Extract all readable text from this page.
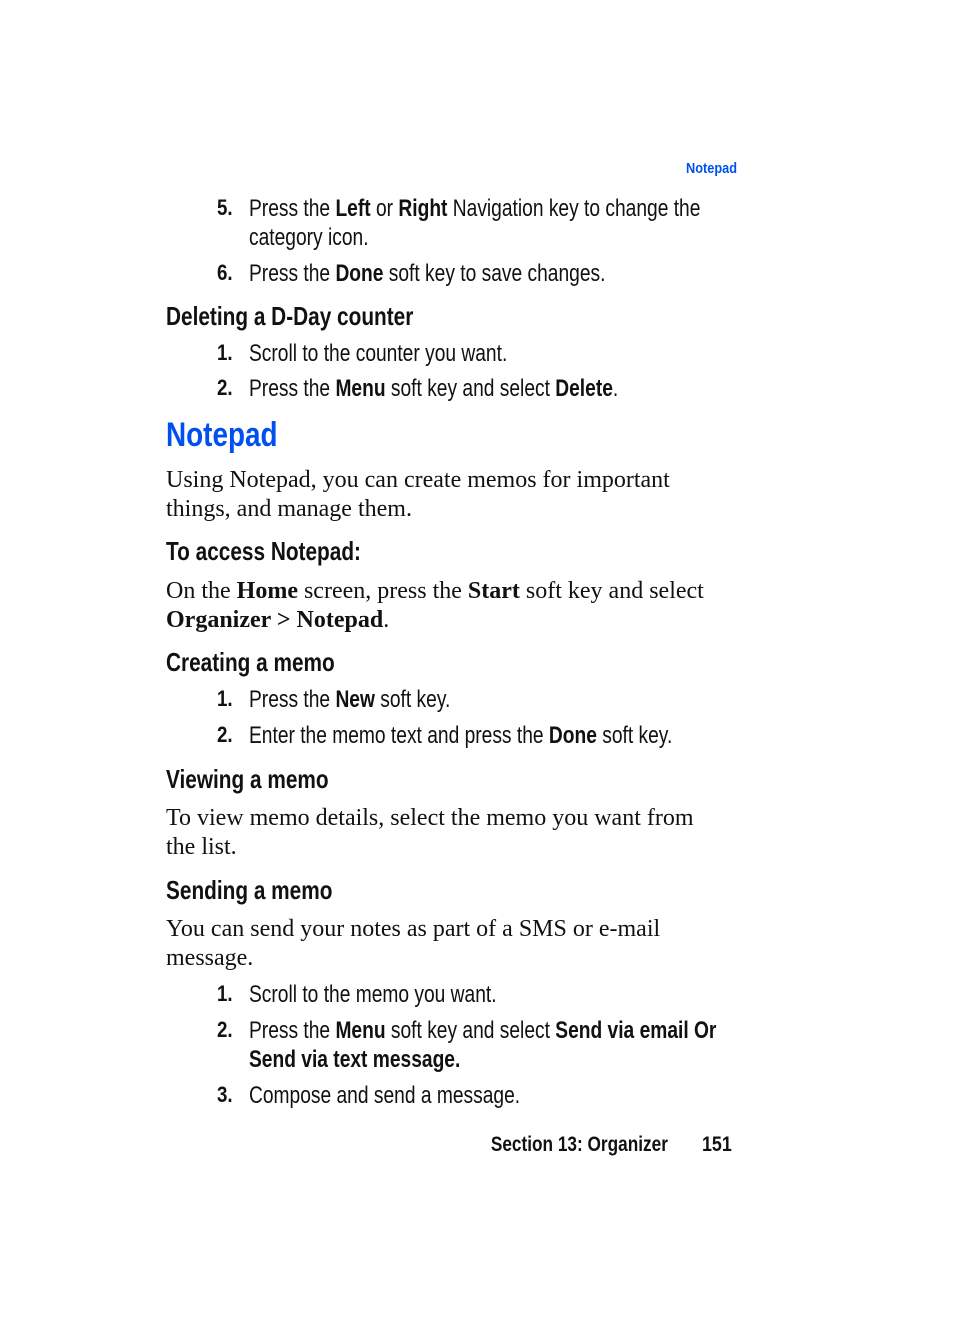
Notepad
5. Press the Left or Right Navigation key to change the
category icon.
6. Press the Done soft key to save changes.
Deleting a D-Day counter
1. Scroll to the counter you want.
2. Press the Menu soft key and select Delete.
Notepad
Using Notepad, you can create memos for important
things, and manage them.
To access Notepad:
On the Home screen, press the Start soft key and select
Organizer > Notepad.
Creating a memo
1. Press the New soft key.
2. Enter the memo text and press the Done soft key.
Viewing a memo
To view memo details, select the memo you want from
the list.
Sending a memo
You can send your notes as part of a SMS or e-mail
message.
1. Scroll to the memo you want.
2. Press the Menu soft key and select Send via email Or
Send via text message.
3. Compose and send a message.
Section 13: Organizer 151
